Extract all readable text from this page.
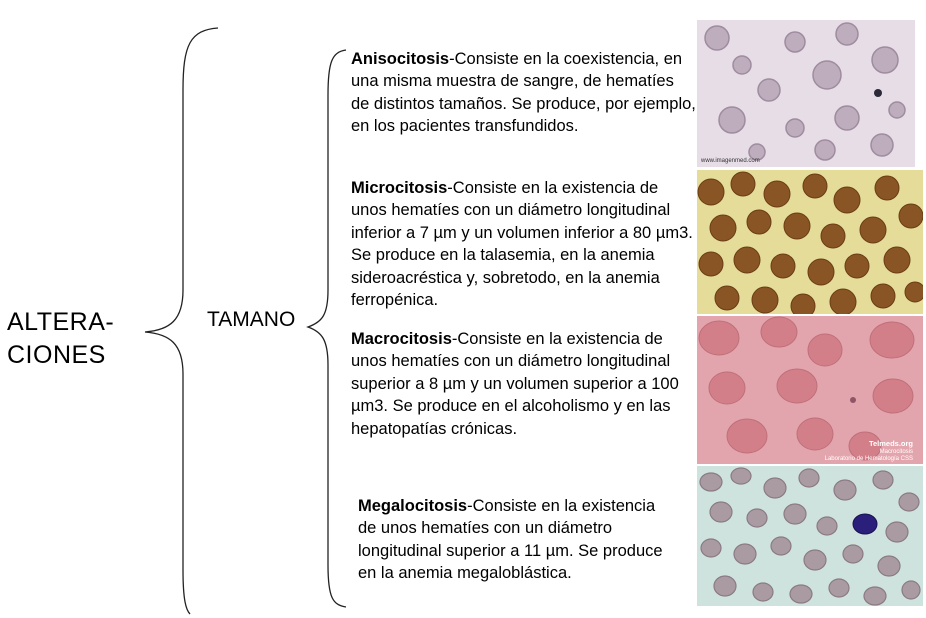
ALTERA-
CIONES
TAMANO
Anisocitosis-Consiste en la coexistencia, en una misma muestra de sangre, de hematíes de distintos tamaños. Se produce, por ejemplo, en los pacientes transfundidos.
Microcitosis-Consiste en la existencia de unos hematíes con un diámetro longitudinal inferior a 7 µm y un volumen inferior a 80 µm3. Se produce en la talasemia, en la anemia sideroacréstica y, sobretodo, en la anemia ferropénica.
Macrocitosis-Consiste en la existencia de unos hematíes con un diámetro longitudinal superior a 8 µm y un volumen superior a 100 µm3. Se produce en el alcoholismo y en las hepatopatías crónicas.
Megalocitosis-Consiste en la existencia de unos hematíes con un diámetro longitudinal superior a 11 µm. Se produce en la anemia megaloblástica.
www.imagenmed.com
Telmeds.org
Macrocitosis
Laboratorio de Hematología CSS
